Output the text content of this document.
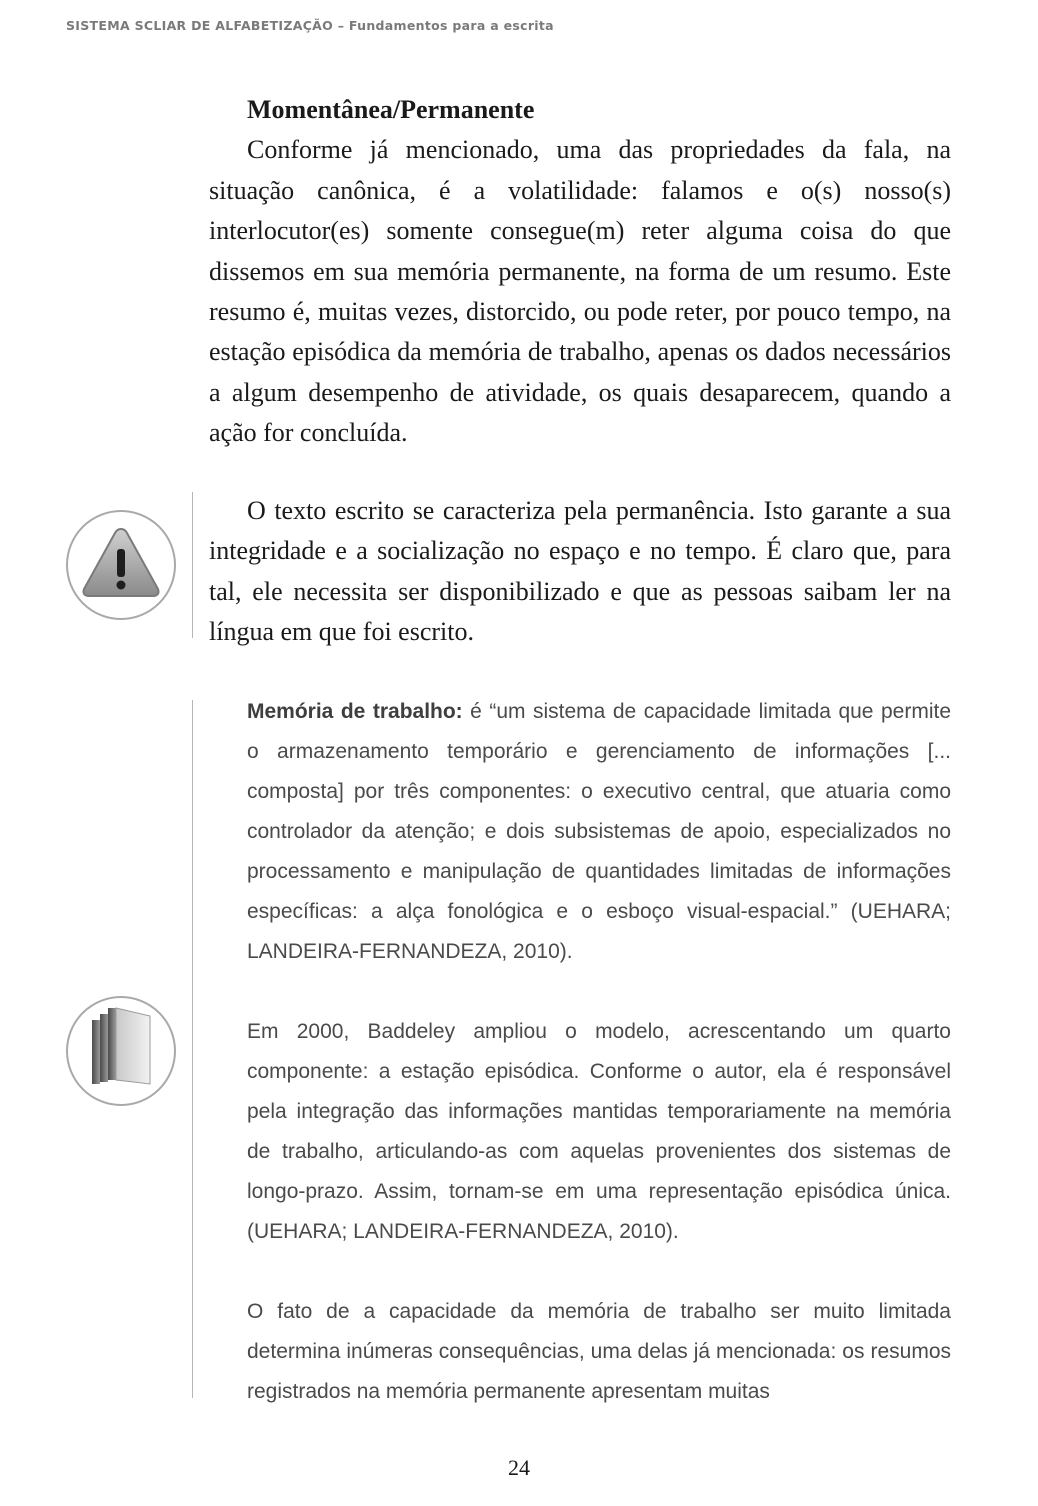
SISTEMA SCLIAR DE ALFABETIZAÇÃO – Fundamentos para a escrita
Momentânea/Permanente

Conforme já mencionado, uma das propriedades da fala, na situação canônica, é a volatilidade: falamos e o(s) nosso(s) interlocutor(es) somente consegue(m) reter alguma coisa do que dissemos em sua memória permanente, na forma de um resumo. Este resumo é, muitas vezes, distorcido, ou pode reter, por pouco tempo, na estação episódica da memória de trabalho, apenas os dados necessários a algum desempenho de atividade, os quais desaparecem, quando a ação for concluída.

O texto escrito se caracteriza pela permanência. Isto garante a sua integridade e a socialização no espaço e no tempo. É claro que, para tal, ele necessita ser disponibilizado e que as pessoas saibam ler na língua em que foi escrito.

Memória de trabalho: é “um sistema de capacidade limitada que permite o armazenamento temporário e gerenciamento de informações [... composta] por três componentes: o executivo central, que atuaria como controlador da atenção; e dois subsistemas de apoio, especializados no processamento e manipulação de quantidades limitadas de informações específicas: a alça fonológica e o esboço visual-espacial.” (UEHARA; LANDEIRA-FERNANDEZA, 2010).

Em 2000, Baddeley ampliou o modelo, acrescentando um quarto componente: a estação episódica. Conforme o autor, ela é responsável pela integração das informações mantidas temporariamente na memória de trabalho, articulando-as com aquelas provenientes dos sistemas de longo-prazo. Assim, tornam-se em uma representação episódica única. (UEHARA; LANDEIRA-FERNANDEZA, 2010).

O fato de a capacidade da memória de trabalho ser muito limitada determina inúmeras consequências, uma delas já mencionada: os resumos registrados na memória permanente apresentam muitas

24
